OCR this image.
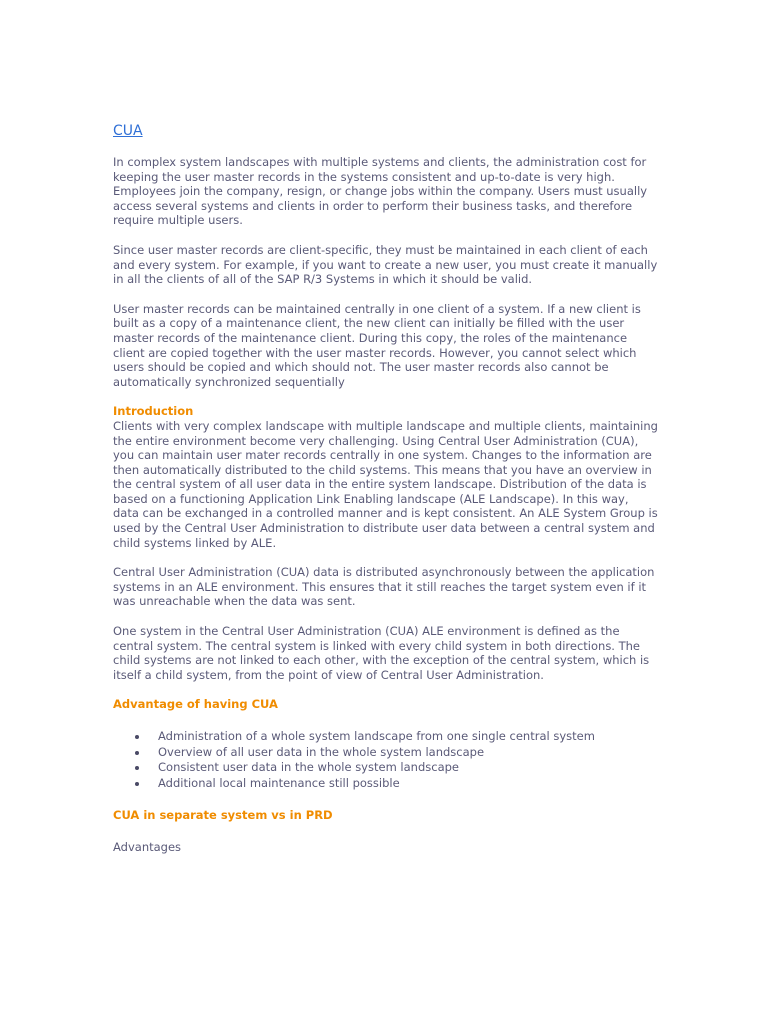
CUA

In complex system landscapes with multiple systems and clients, the administration cost for keeping the user master records in the systems consistent and up-to-date is very high. Employees join the company, resign, or change jobs within the company. Users must usually access several systems and clients in order to perform their business tasks, and therefore require multiple users.

Since user master records are client-specific, they must be maintained in each client of each and every system. For example, if you want to create a new user, you must create it manually in all the clients of all of the SAP R/3 Systems in which it should be valid.

User master records can be maintained centrally in one client of a system. If a new client is built as a copy of a maintenance client, the new client can initially be filled with the user master records of the maintenance client. During this copy, the roles of the maintenance client are copied together with the user master records. However, you cannot select which users should be copied and which should not. The user master records also cannot be automatically synchronized sequentially

Introduction

Clients with very complex landscape with multiple landscape and multiple clients, maintaining the entire environment become very challenging. Using Central User Administration (CUA), you can maintain user mater records centrally in one system. Changes to the information are then automatically distributed to the child systems. This means that you have an overview in the central system of all user data in the entire system landscape. Distribution of the data is based on a functioning Application Link Enabling landscape (ALE Landscape). In this way, data can be exchanged in a controlled manner and is kept consistent. An ALE System Group is used by the Central User Administration to distribute user data between a central system and child systems linked by ALE.

Central User Administration (CUA) data is distributed asynchronously between the application systems in an ALE environment. This ensures that it still reaches the target system even if it was unreachable when the data was sent.

One system in the Central User Administration (CUA) ALE environment is defined as the central system. The central system is linked with every child system in both directions. The child systems are not linked to each other, with the exception of the central system, which is itself a child system, from the point of view of Central User Administration.

Advantage of having CUA
Administration of a whole system landscape from one single central system
Overview of all user data in the whole system landscape
Consistent user data in the whole system landscape
Additional local maintenance still possible
CUA in separate system vs in PRD

Advantages
